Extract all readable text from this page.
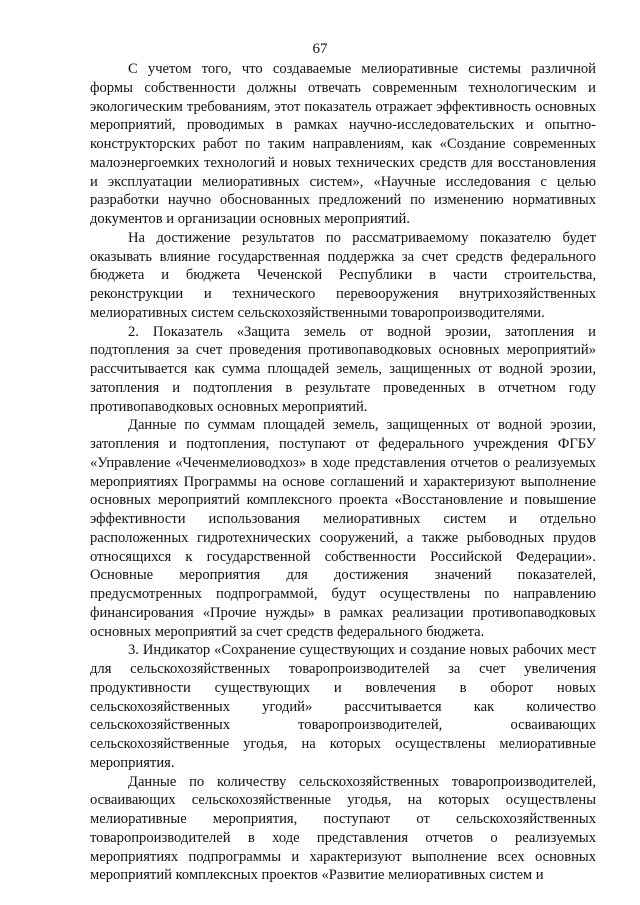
67

С учетом того, что создаваемые мелиоративные системы различной формы собственности должны отвечать современным технологическим и экологическим требованиям, этот показатель отражает эффективность основных мероприятий, проводимых в рамках научно-исследовательских и опытно-конструкторских работ по таким направлениям, как «Создание современных малоэнергоемких технологий и новых технических средств для восстановления и эксплуатации мелиоративных систем», «Научные исследования с целью разработки научно обоснованных предложений по изменению нормативных документов и организации основных мероприятий.

На достижение результатов по рассматриваемому показателю будет оказывать влияние государственная поддержка за счет средств федерального бюджета и бюджета Чеченской Республики в части строительства, реконструкции и технического перевооружения внутрихозяйственных мелиоративных систем сельскохозяйственными товаропроизводителями.

2. Показатель «Защита земель от водной эрозии, затопления и подтопления за счет проведения противопаводковых основных мероприятий» рассчитывается как сумма площадей земель, защищенных от водной эрозии, затопления и подтопления в результате проведенных в отчетном году противопаводковых основных мероприятий.

Данные по суммам площадей земель, защищенных от водной эрозии, затопления и подтопления, поступают от федерального учреждения ФГБУ «Управление «Чеченмелиоводхоз» в ходе представления отчетов о реализуемых мероприятиях Программы на основе соглашений и характеризуют выполнение основных мероприятий комплексного проекта «Восстановление и повышение эффективности использования мелиоративных систем и отдельно расположенных гидротехнических сооружений, а также рыбоводных прудов относящихся к государственной собственности Российской Федерации». Основные мероприятия для достижения значений показателей, предусмотренных подпрограммой, будут осуществлены по направлению финансирования «Прочие нужды» в рамках реализации противопаводковых основных мероприятий за счет средств федерального бюджета.

3. Индикатор «Сохранение существующих и создание новых рабочих мест для сельскохозяйственных товаропроизводителей за счет увеличения продуктивности существующих и вовлечения в оборот новых сельскохозяйственных угодий» рассчитывается как количество сельскохозяйственных товаропроизводителей, осваивающих сельскохозяйственные угодья, на которых осуществлены мелиоративные мероприятия.

Данные по количеству сельскохозяйственных товаропроизводителей, осваивающих сельскохозяйственные угодья, на которых осуществлены мелиоративные мероприятия, поступают от сельскохозяйственных товаропроизводителей в ходе представления отчетов о реализуемых мероприятиях подпрограммы и характеризуют выполнение всех основных мероприятий комплексных проектов «Развитие мелиоративных систем и
